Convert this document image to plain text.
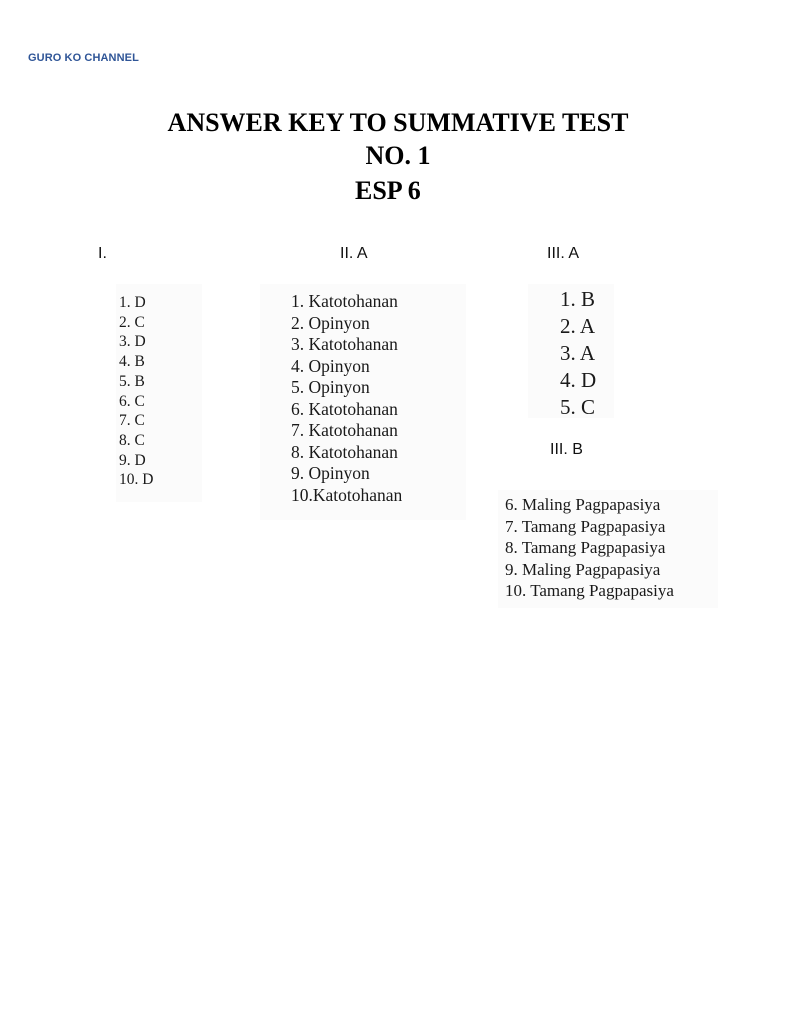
GURO KO CHANNEL
ANSWER KEY TO SUMMATIVE TEST
NO. 1
ESP 6
I.
1. D
2. C
3. D
4. B
5. B
6. C
7. C
8. C
9. D
10. D
II. A
1. Katotohanan
2. Opinyon
3. Katotohanan
4. Opinyon
5. Opinyon
6. Katotohanan
7. Katotohanan
8. Katotohanan
9. Opinyon
10.Katotohanan
III. A
1. B
2. A
3. A
4. D
5. C
III. B
6. Maling Pagpapasiya
7. Tamang Pagpapasiya
8. Tamang Pagpapasiya
9. Maling Pagpapasiya
10. Tamang Pagpapasiya
